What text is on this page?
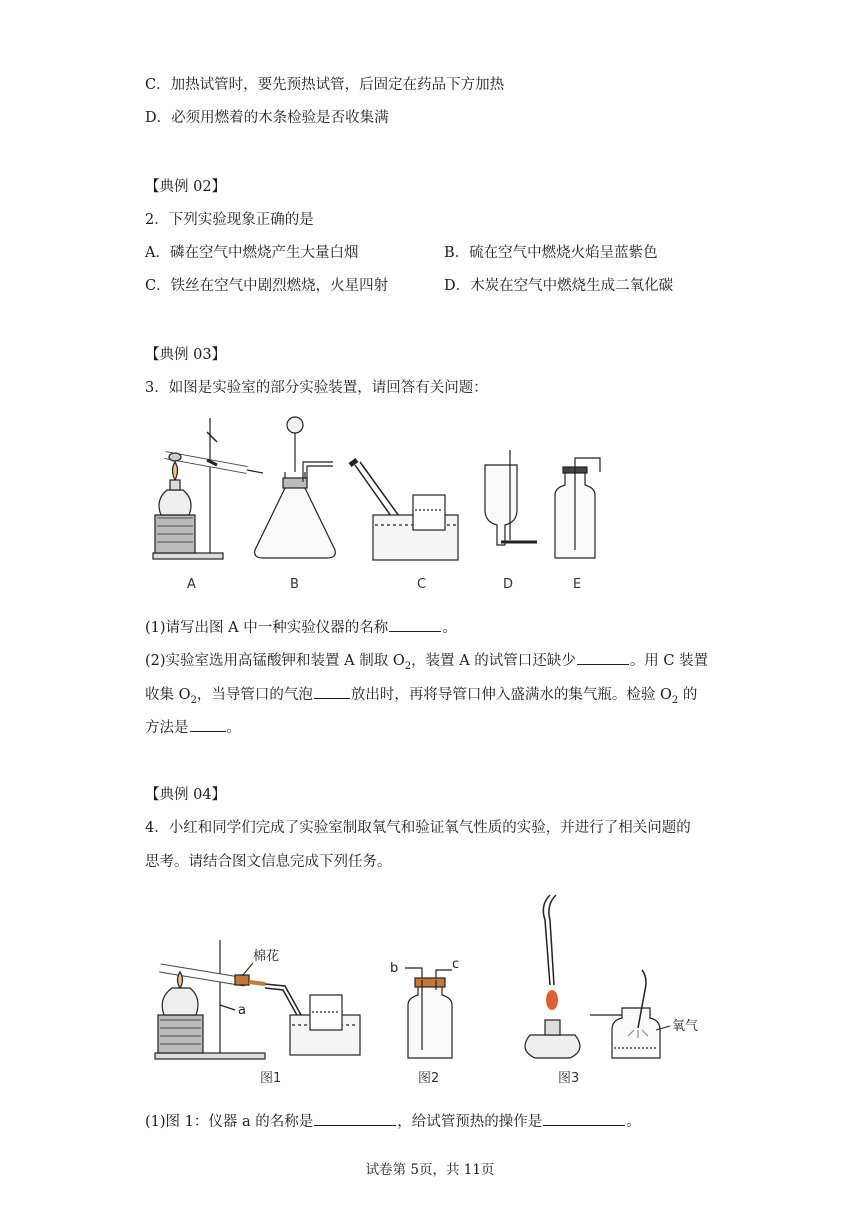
C．加热试管时，要先预热试管，后固定在药品下方加热
D．必须用燃着的木条检验是否收集满
【典例 02】
2．下列实验现象正确的是
A．磷在空气中燃烧产生大量白烟	B．硫在空气中燃烧火焰呈蓝紫色
C．铁丝在空气中剧烈燃烧，火星四射	D．木炭在空气中燃烧生成二氧化碳
【典例 03】
3．如图是实验室的部分实验装置，请回答有关问题：
A	B	C	D	E
(1)请写出图 A 中一种实验仪器的名称	。
(2)实验室选用高锰酸钾和装置 A 制取 $O_2$，装置 A 的试管口还缺少	。用 C 装置
收集 $O_2$，当导管口的气泡	放出时，再将导管口伸入盛满水的集气瓶。检验 $O_2$ 的
方法是	。
【典例 04】
4．小红和同学们完成了实验室制取氧气和验证氧气性质的实验，并进行了相关问题的
思考。请结合图文信息完成下列任务。
棉花
a
b	c
氧气
图1	图2	图3
(1)图 1：仪器 a 的名称是	，给试管预热的操作是	。
试卷第 5页，共 11页
